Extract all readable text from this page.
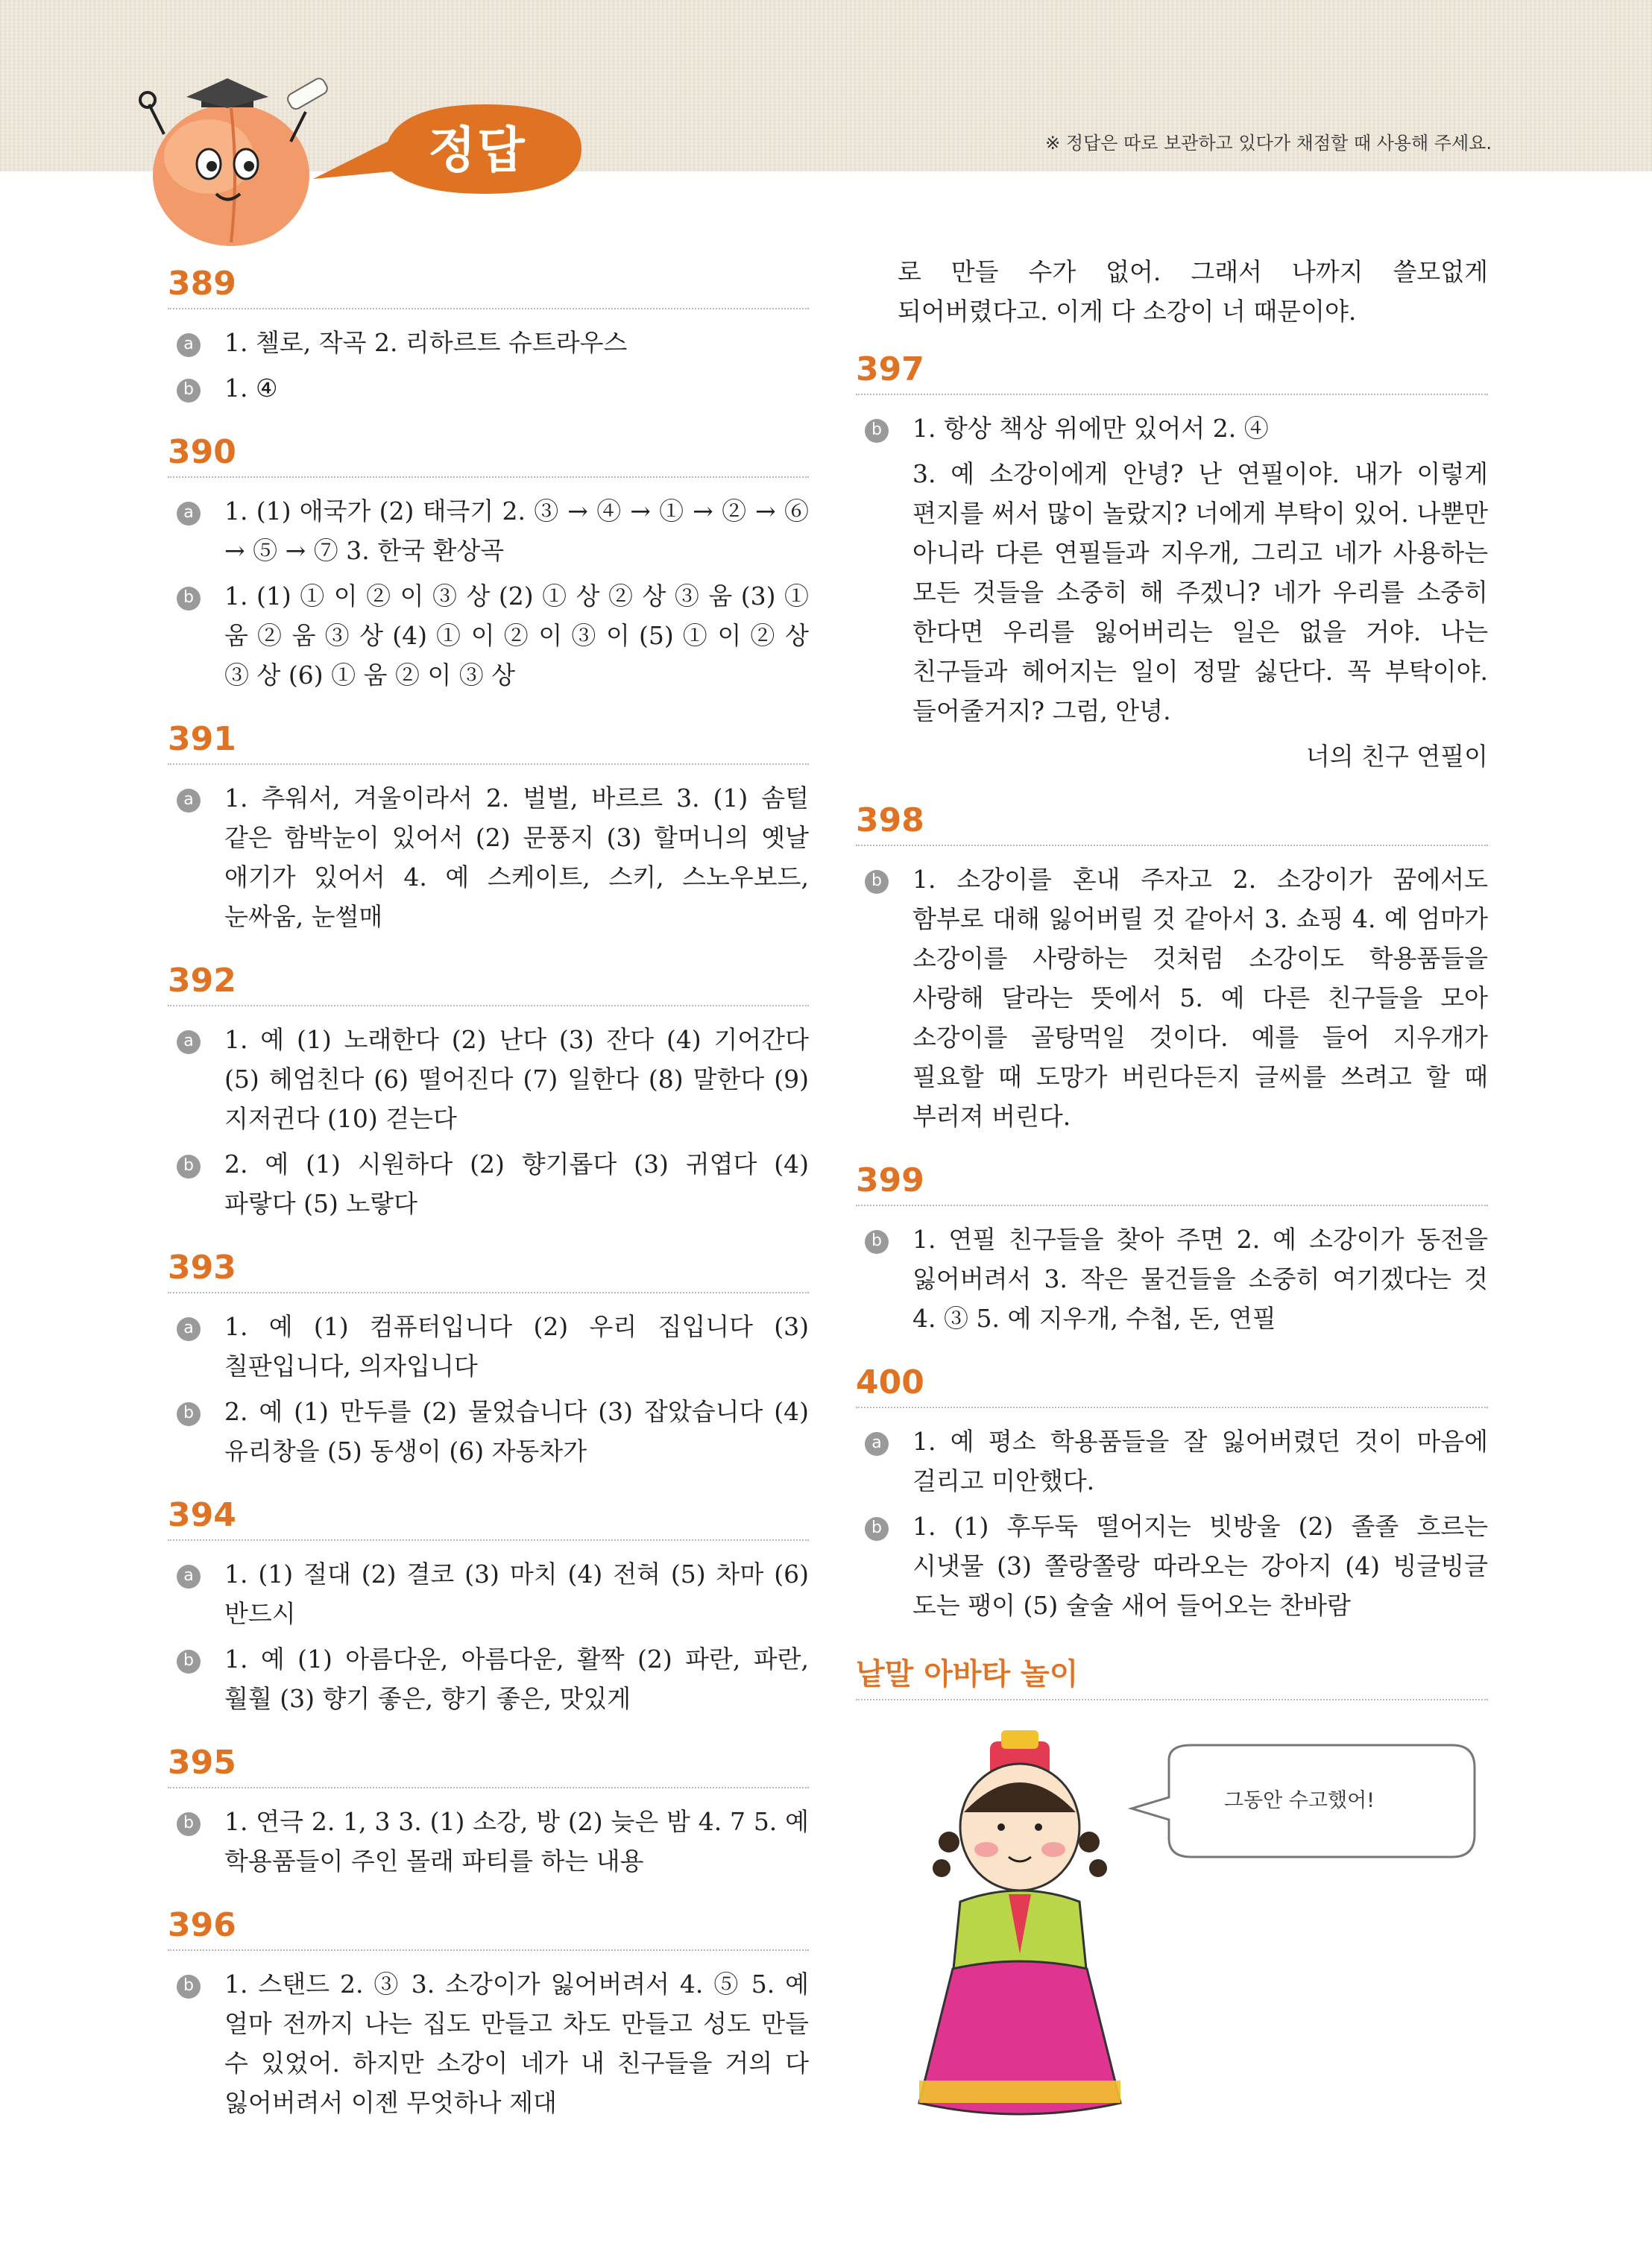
정답	※ 정답은 따로 보관하고 있다가 채점할 때 사용해 주세요.
389
a 1. 첼로, 작곡 2. 리하르트 슈트라우스
b 1. ④
390
a 1. (1) 애국가 (2) 태극기 2. ③ → ④ → ① → ② → ⑥ → ⑤ → ⑦ 3. 한국 환상곡
b 1. (1) ① 이 ② 이 ③ 상 (2) ① 상 ② 상 ③ 움 (3) ① 움 ② 움 ③ 상 (4) ① 이 ② 이 ③ 이 (5) ① 이 ② 상 ③ 상 (6) ① 움 ② 이 ③ 상
391
a 1. 추워서, 겨울이라서 2. 벌벌, 바르르 3. (1) 솜털 같은 함박눈이 있어서 (2) 문풍지 (3) 할머니의 옛날 애기가 있어서 4. 예 스케이트, 스키, 스노우보드, 눈싸움, 눈썰매
392
a 1. 예 (1) 노래한다 (2) 난다 (3) 잔다 (4) 기어간다 (5) 헤엄친다 (6) 떨어진다 (7) 일한다 (8) 말한다 (9) 지저귄다 (10) 걷는다
b 2. 예 (1) 시원하다 (2) 향기롭다 (3) 귀엽다 (4) 파랗다 (5) 노랗다
393
a 1. 예 (1) 컴퓨터입니다 (2) 우리 집입니다 (3) 칠판입니다, 의자입니다
b 2. 예 (1) 만두를 (2) 물었습니다 (3) 잡았습니다 (4) 유리창을 (5) 동생이 (6) 자동차가
394
a 1. (1) 절대 (2) 결코 (3) 마치 (4) 전혀 (5) 차마 (6) 반드시
b 1. 예 (1) 아름다운, 아름다운, 활짝 (2) 파란, 파란, 훨훨 (3) 향기 좋은, 향기 좋은, 맛있게
395
b 1. 연극 2. 1, 3 3. (1) 소강, 방 (2) 늦은 밤 4. 7 5. 예 학용품들이 주인 몰래 파티를 하는 내용
396
b 1. 스탠드 2. ③ 3. 소강이가 잃어버려서 4. ⑤ 5. 예 얼마 전까지 나는 집도 만들고 차도 만들고 성도 만들 수 있었어. 하지만 소강이 네가 내 친구들을 거의 다 잃어버려서 이젠 무엇하나 제대
로 만들 수가 없어. 그래서 나까지 쓸모없게 되어버렸다고. 이게 다 소강이 너 때문이야.
397
b 1. 항상 책상 위에만 있어서 2. ④
3. 예 소강이에게 안녕? 난 연필이야. 내가 이렇게 편지를 써서 많이 놀랐지? 너에게 부탁이 있어. 나뿐만 아니라 다른 연필들과 지우개, 그리고 네가 사용하는 모든 것들을 소중히 해 주겠니? 네가 우리를 소중히 한다면 우리를 잃어버리는 일은 없을 거야. 나는 친구들과 헤어지는 일이 정말 싫단다. 꼭 부탁이야. 들어줄거지? 그럼, 안녕.
너의 친구 연필이
398
b 1. 소강이를 혼내 주자고 2. 소강이가 꿈에서도 함부로 대해 잃어버릴 것 같아서 3. 쇼핑 4. 예 엄마가 소강이를 사랑하는 것처럼 소강이도 학용품들을 사랑해 달라는 뜻에서 5. 예 다른 친구들을 모아 소강이를 골탕먹일 것이다. 예를 들어 지우개가 필요할 때 도망가 버린다든지 글씨를 쓰려고 할 때 부러져 버린다.
399
b 1. 연필 친구들을 찾아 주면 2. 예 소강이가 동전을 잃어버려서 3. 작은 물건들을 소중히 여기겠다는 것 4. ③ 5. 예 지우개, 수첩, 돈, 연필
400
a 1. 예 평소 학용품들을 잘 잃어버렸던 것이 마음에 걸리고 미안했다.
b 1. (1) 후두둑 떨어지는 빗방울 (2) 졸졸 흐르는 시냇물 (3) 쫄랑쫄랑 따라오는 강아지 (4) 빙글빙글 도는 팽이 (5) 술술 새어 들어오는 찬바람
낱말 아바타 놀이
그동안 수고했어!
